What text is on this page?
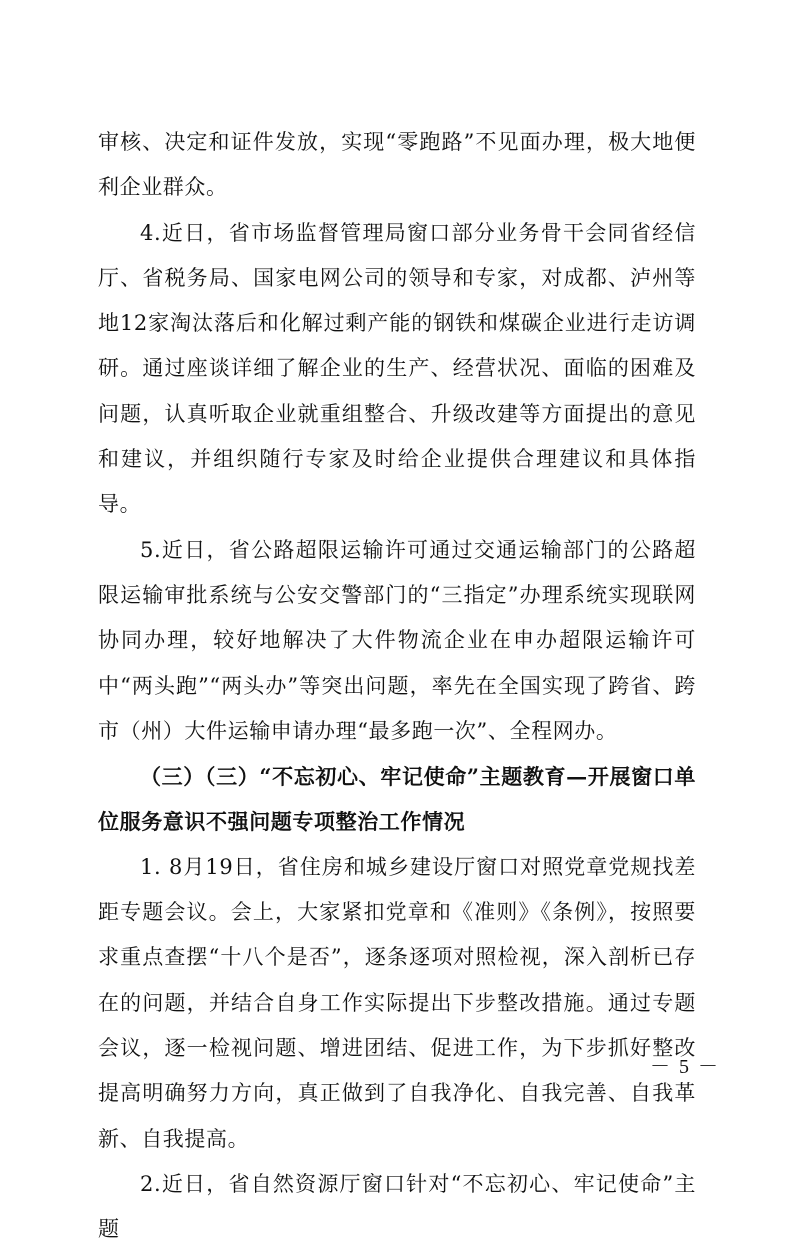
审核、决定和证件发放，实现“零跑路”不见面办理，极大地便利企业群众。

4.近日，省市场监督管理局窗口部分业务骨干会同省经信厅、省税务局、国家电网公司的领导和专家，对成都、泸州等地12家淘汰落后和化解过剩产能的钢铁和煤碳企业进行走访调研。通过座谈详细了解企业的生产、经营状况、面临的困难及问题，认真听取企业就重组整合、升级改建等方面提出的意见和建议，并组织随行专家及时给企业提供合理建议和具体指导。

5.近日，省公路超限运输许可通过交通运输部门的公路超限运输审批系统与公安交警部门的“三指定”办理系统实现联网协同办理，较好地解决了大件物流企业在申办超限运输许可中“两头跑”“两头办”等突出问题，率先在全国实现了跨省、跨市（州）大件运输申请办理“最多跑一次”、全程网办。

（三）（三）“不忘初心、牢记使命”主题教育—开展窗口单位服务意识不强问题专项整治工作情况

1. 8月19日，省住房和城乡建设厅窗口对照党章党规找差距专题会议。会上，大家紧扣党章和《准则》《条例》，按照要求重点查摆“十八个是否”，逐条逐项对照检视，深入剖析已存在的问题，并结合自身工作实际提出下步整改措施。通过专题会议，逐一检视问题、增进团结、促进工作，为下步抓好整改提高明确努力方向，真正做到了自我净化、自我完善、自我革新、自我提高。

2.近日，省自然资源厅窗口针对“不忘初心、牢记使命”主题

－ 5 －
